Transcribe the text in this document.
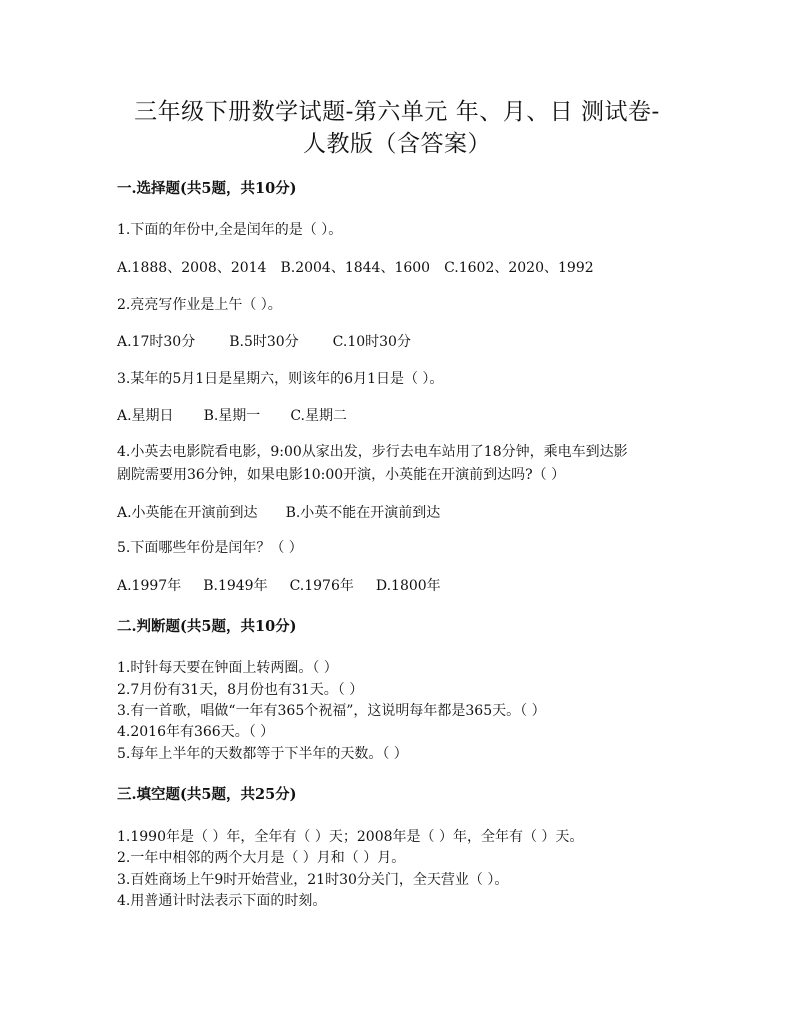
三年级下册数学试题-第六单元 年、月、日 测试卷-
人教版（含答案）
一.选择题(共5题，共10分)
1.下面的年份中,全是闰年的是（ ）。
A.1888、2008、2014 B.2004、1844、1600 C.1602、2020、1992
2.亮亮写作业是上午（ ）。
A.17时30分 B.5时30分 C.10时30分
3.某年的5月1日是星期六，则该年的6月1日是（ ）。
A.星期日 B.星期一 C.星期二
4.小英去电影院看电影，9:00从家出发，步行去电车站用了18分钟，乘电车到达影
剧院需要用36分钟，如果电影10:00开演，小英能在开演前到达吗?（ ）
A.小英能在开演前到达 B.小英不能在开演前到达
5.下面哪些年份是闰年？（ ）
A.1997年 B.1949年 C.1976年 D.1800年
二.判断题(共5题，共10分)
1.时针每天要在钟面上转两圈。（ ）
2.7月份有31天，8月份也有31天。（ ）
3.有一首歌，唱做“一年有365个祝福”，这说明每年都是365天。（ ）
4.2016年有366天。（ ）
5.每年上半年的天数都等于下半年的天数。（ ）
三.填空题(共5题，共25分)
1.1990年是（ ）年，全年有（ ）天；2008年是（ ）年，全年有（ ）天。
2.一年中相邻的两个大月是（ ）月和（ ）月。
3.百姓商场上午9时开始营业，21时30分关门，全天营业（ ）。
4.用普通计时法表示下面的时刻。
